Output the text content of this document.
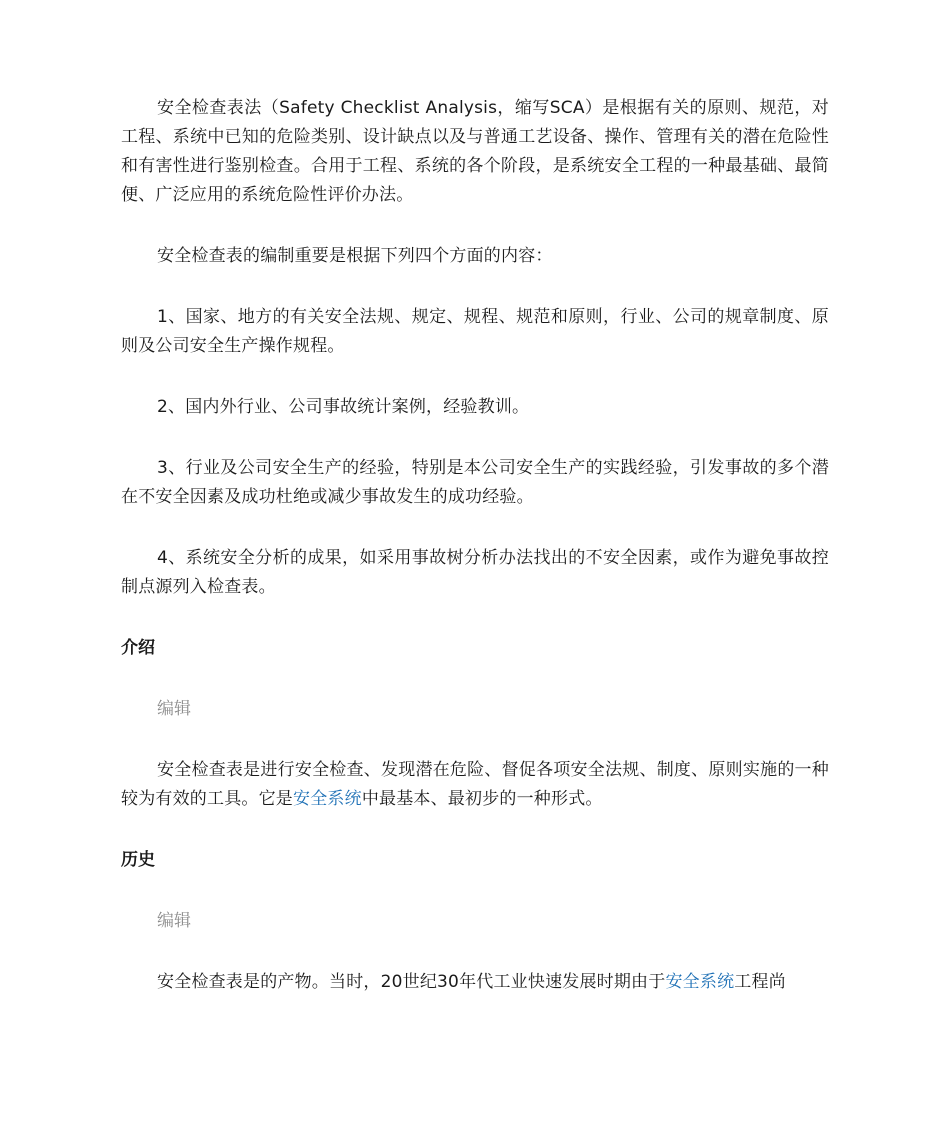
安全检查表法（Safety Checklist Analysis，缩写SCA）是根据有关的原则、规范，对工程、系统中已知的危险类别、设计缺点以及与普通工艺设备、操作、管理有关的潜在危险性和有害性进行鉴别检查。合用于工程、系统的各个阶段，是系统安全工程的一种最基础、最简便、广泛应用的系统危险性评价办法。

安全检查表的编制重要是根据下列四个方面的内容：

1、国家、地方的有关安全法规、规定、规程、规范和原则，行业、公司的规章制度、原则及公司安全生产操作规程。

2、国内外行业、公司事故统计案例，经验教训。

3、行业及公司安全生产的经验，特别是本公司安全生产的实践经验，引发事故的多个潜在不安全因素及成功杜绝或减少事故发生的成功经验。

4、系统安全分析的成果，如采用事故树分析办法找出的不安全因素，或作为避免事故控制点源列入检查表。

介绍
编辑

安全检查表是进行安全检查、发现潜在危险、督促各项安全法规、制度、原则实施的一种较为有效的工具。它是安全系统中最基本、最初步的一种形式。

历史
编辑

安全检查表是的产物。当时，20世纪30年代工业快速发展时期由于安全系统工程尚
